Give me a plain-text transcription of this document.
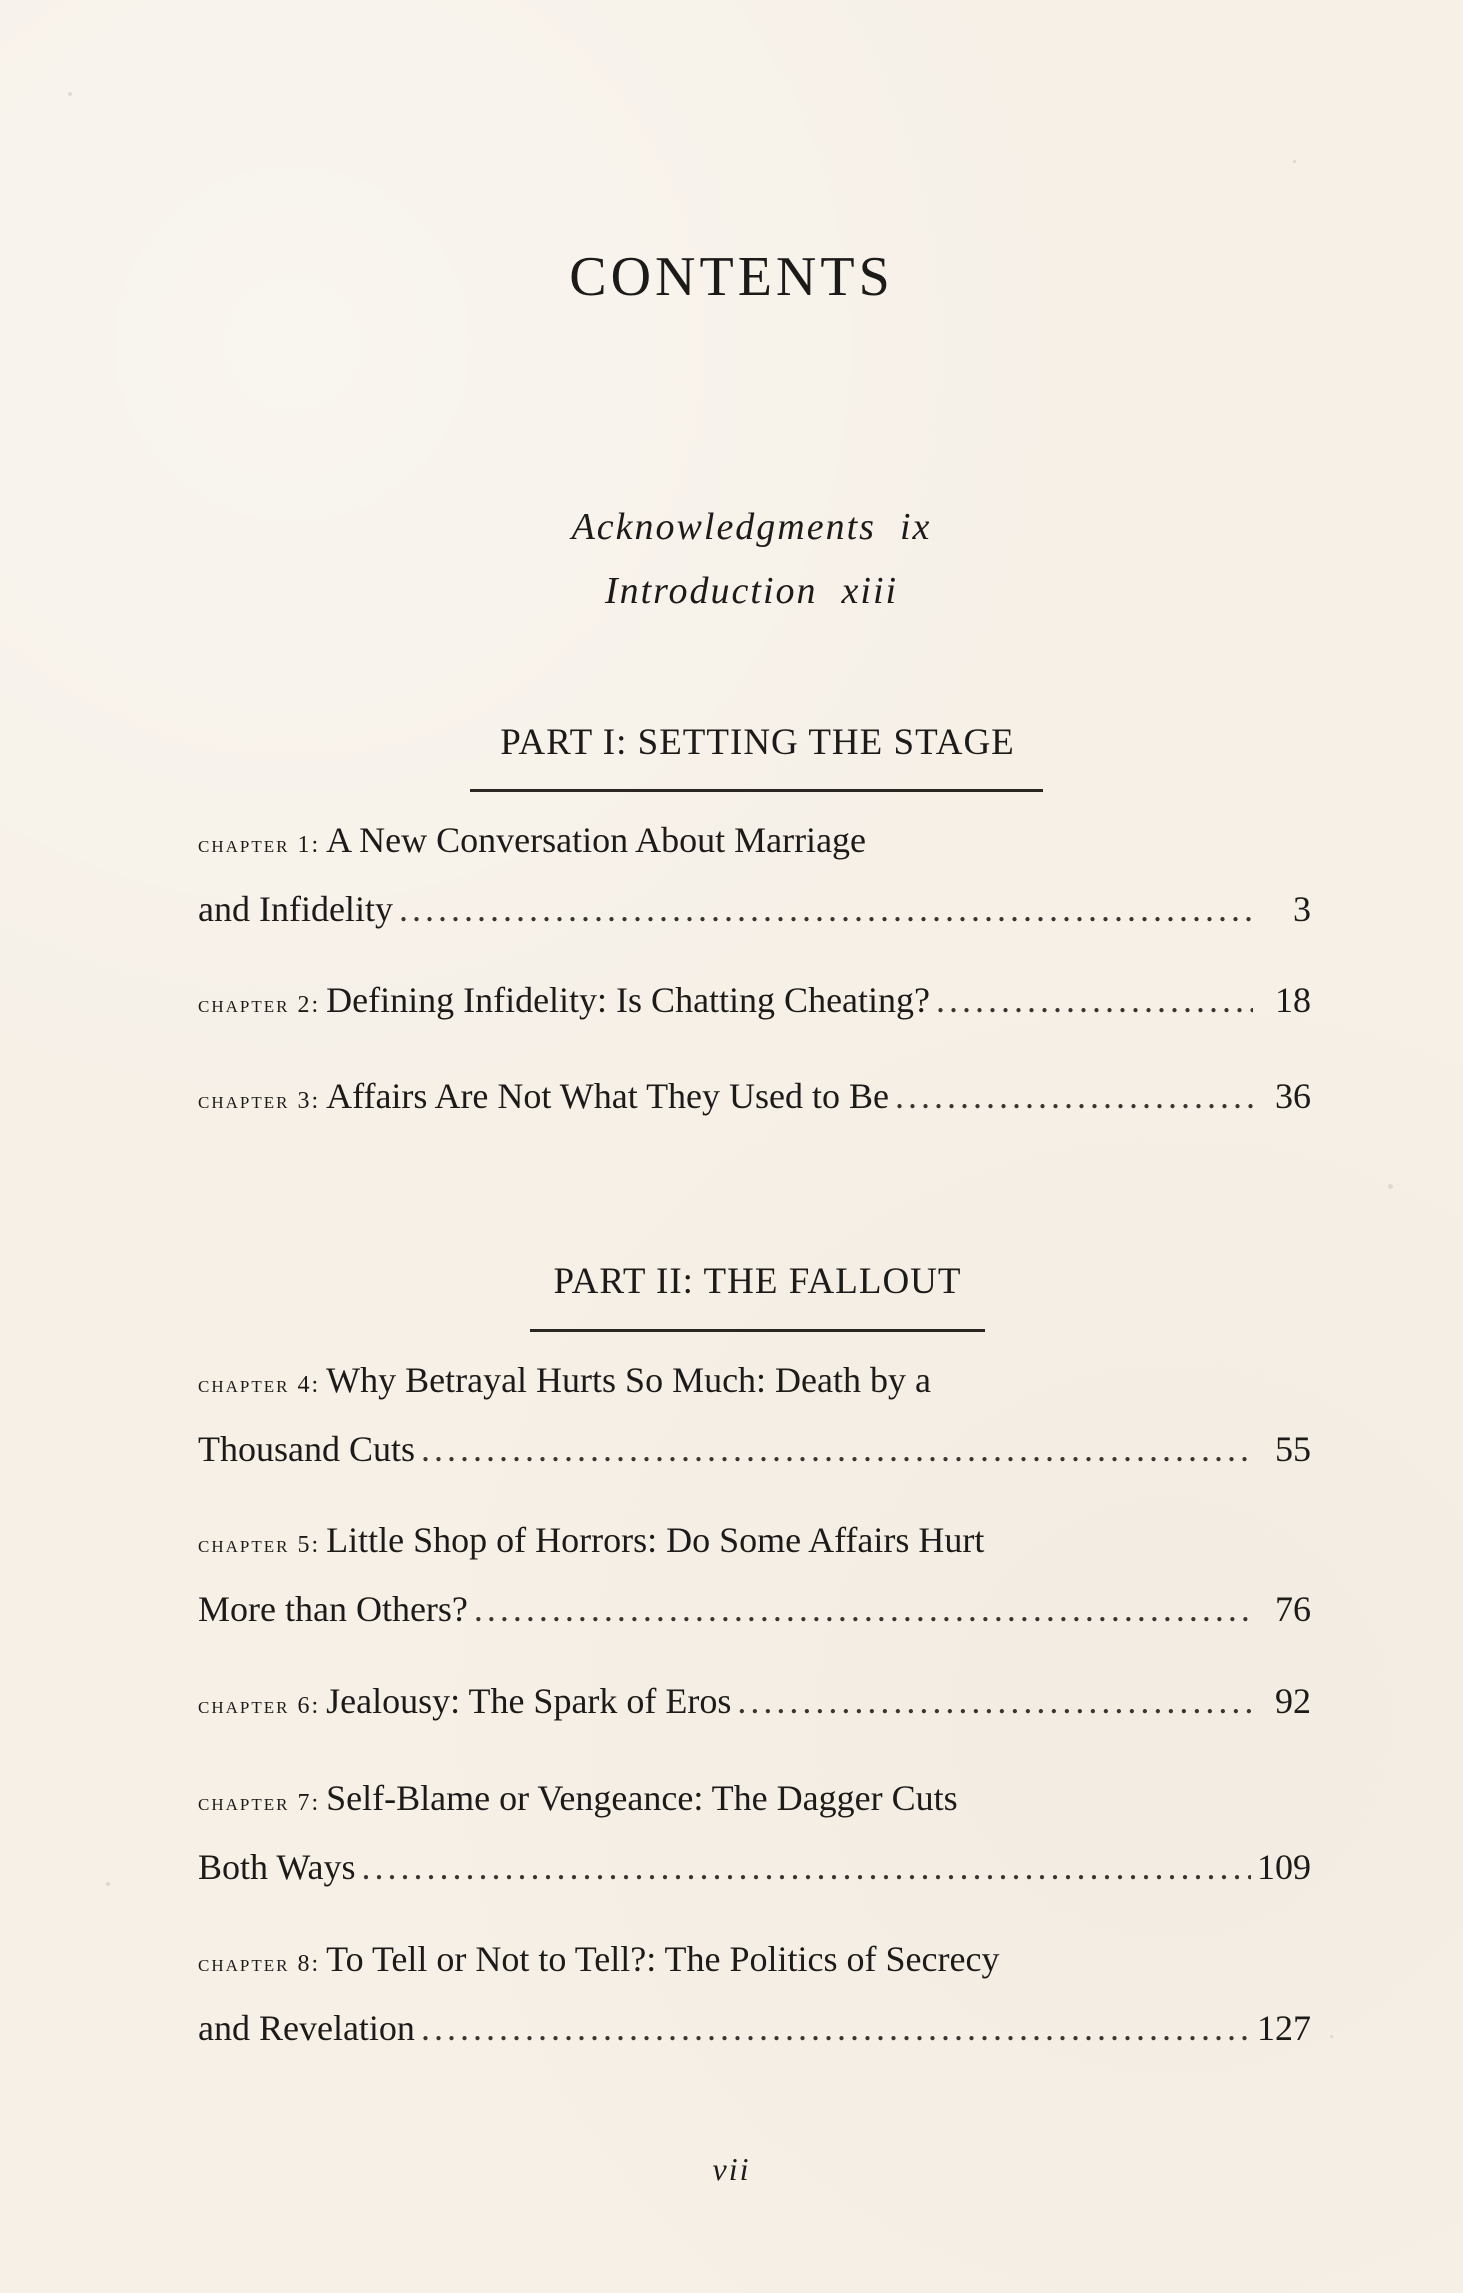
CONTENTS
Acknowledgments ix
Introduction xiii
PART I: SETTING THE STAGE
chapter 1: A New Conversation About Marriage
and Infidelity .....	3
chapter 2: Defining Infidelity: Is Chatting Cheating? .....	18
chapter 3: Affairs Are Not What They Used to Be .....	36
PART II: THE FALLOUT
chapter 4: Why Betrayal Hurts So Much: Death by a
Thousand Cuts .....	55
chapter 5: Little Shop of Horrors: Do Some Affairs Hurt
More than Others? .....	76
chapter 6: Jealousy: The Spark of Eros .....	92
chapter 7: Self-Blame or Vengeance: The Dagger Cuts
Both Ways .....	109
chapter 8: To Tell or Not to Tell?: The Politics of Secrecy
and Revelation .....	127
vii
